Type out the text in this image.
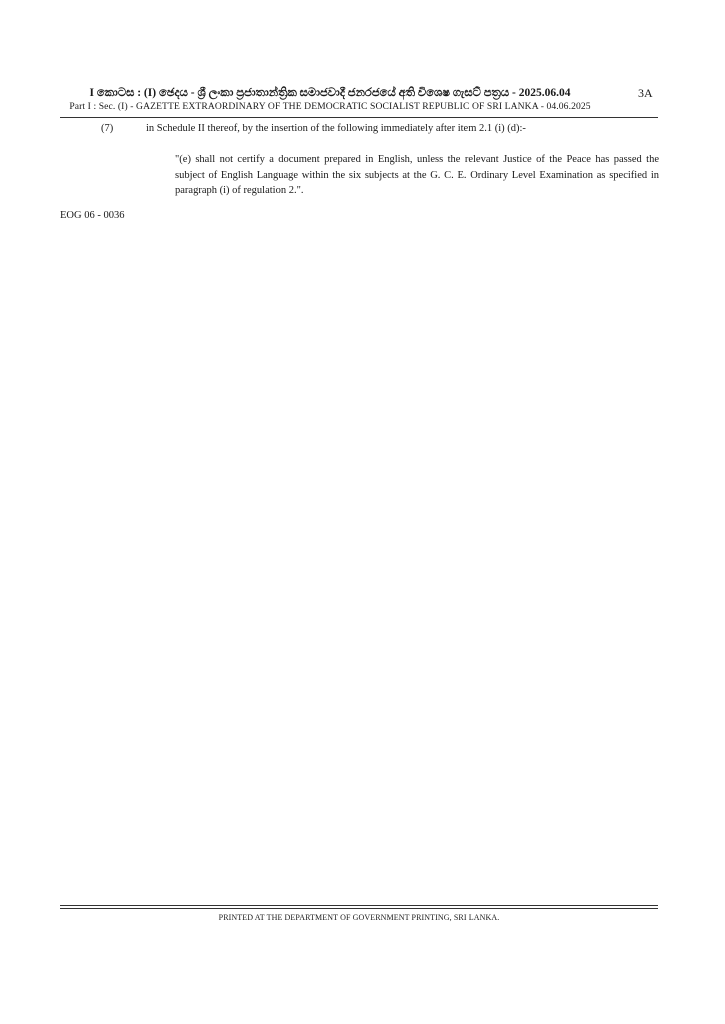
I කොටස : (I) ඡෙදය - ශ්‍රී ලංකා ප්‍රජාතාන්ත්‍රික සමාජවාදී ජනරජයේ අති විශෙෂ ගැසට් පත්‍රය - 2025.06.04
Part I : Sec. (I) - GAZETTE EXTRAORDINARY OF THE DEMOCRATIC SOCIALIST REPUBLIC OF SRI LANKA - 04.06.2025
3A
(7)	in Schedule II thereof, by the insertion of the following immediately after item 2.1 (i) (d):-
"(e) shall not certify a document prepared in English, unless the relevant Justice of the Peace has passed the subject of English Language within the six subjects at the G. C. E. Ordinary Level Examination as specified in paragraph (i) of regulation 2.".
EOG 06 - 0036
PRINTED AT THE DEPARTMENT OF GOVERNMENT PRINTING, SRI LANKA.
